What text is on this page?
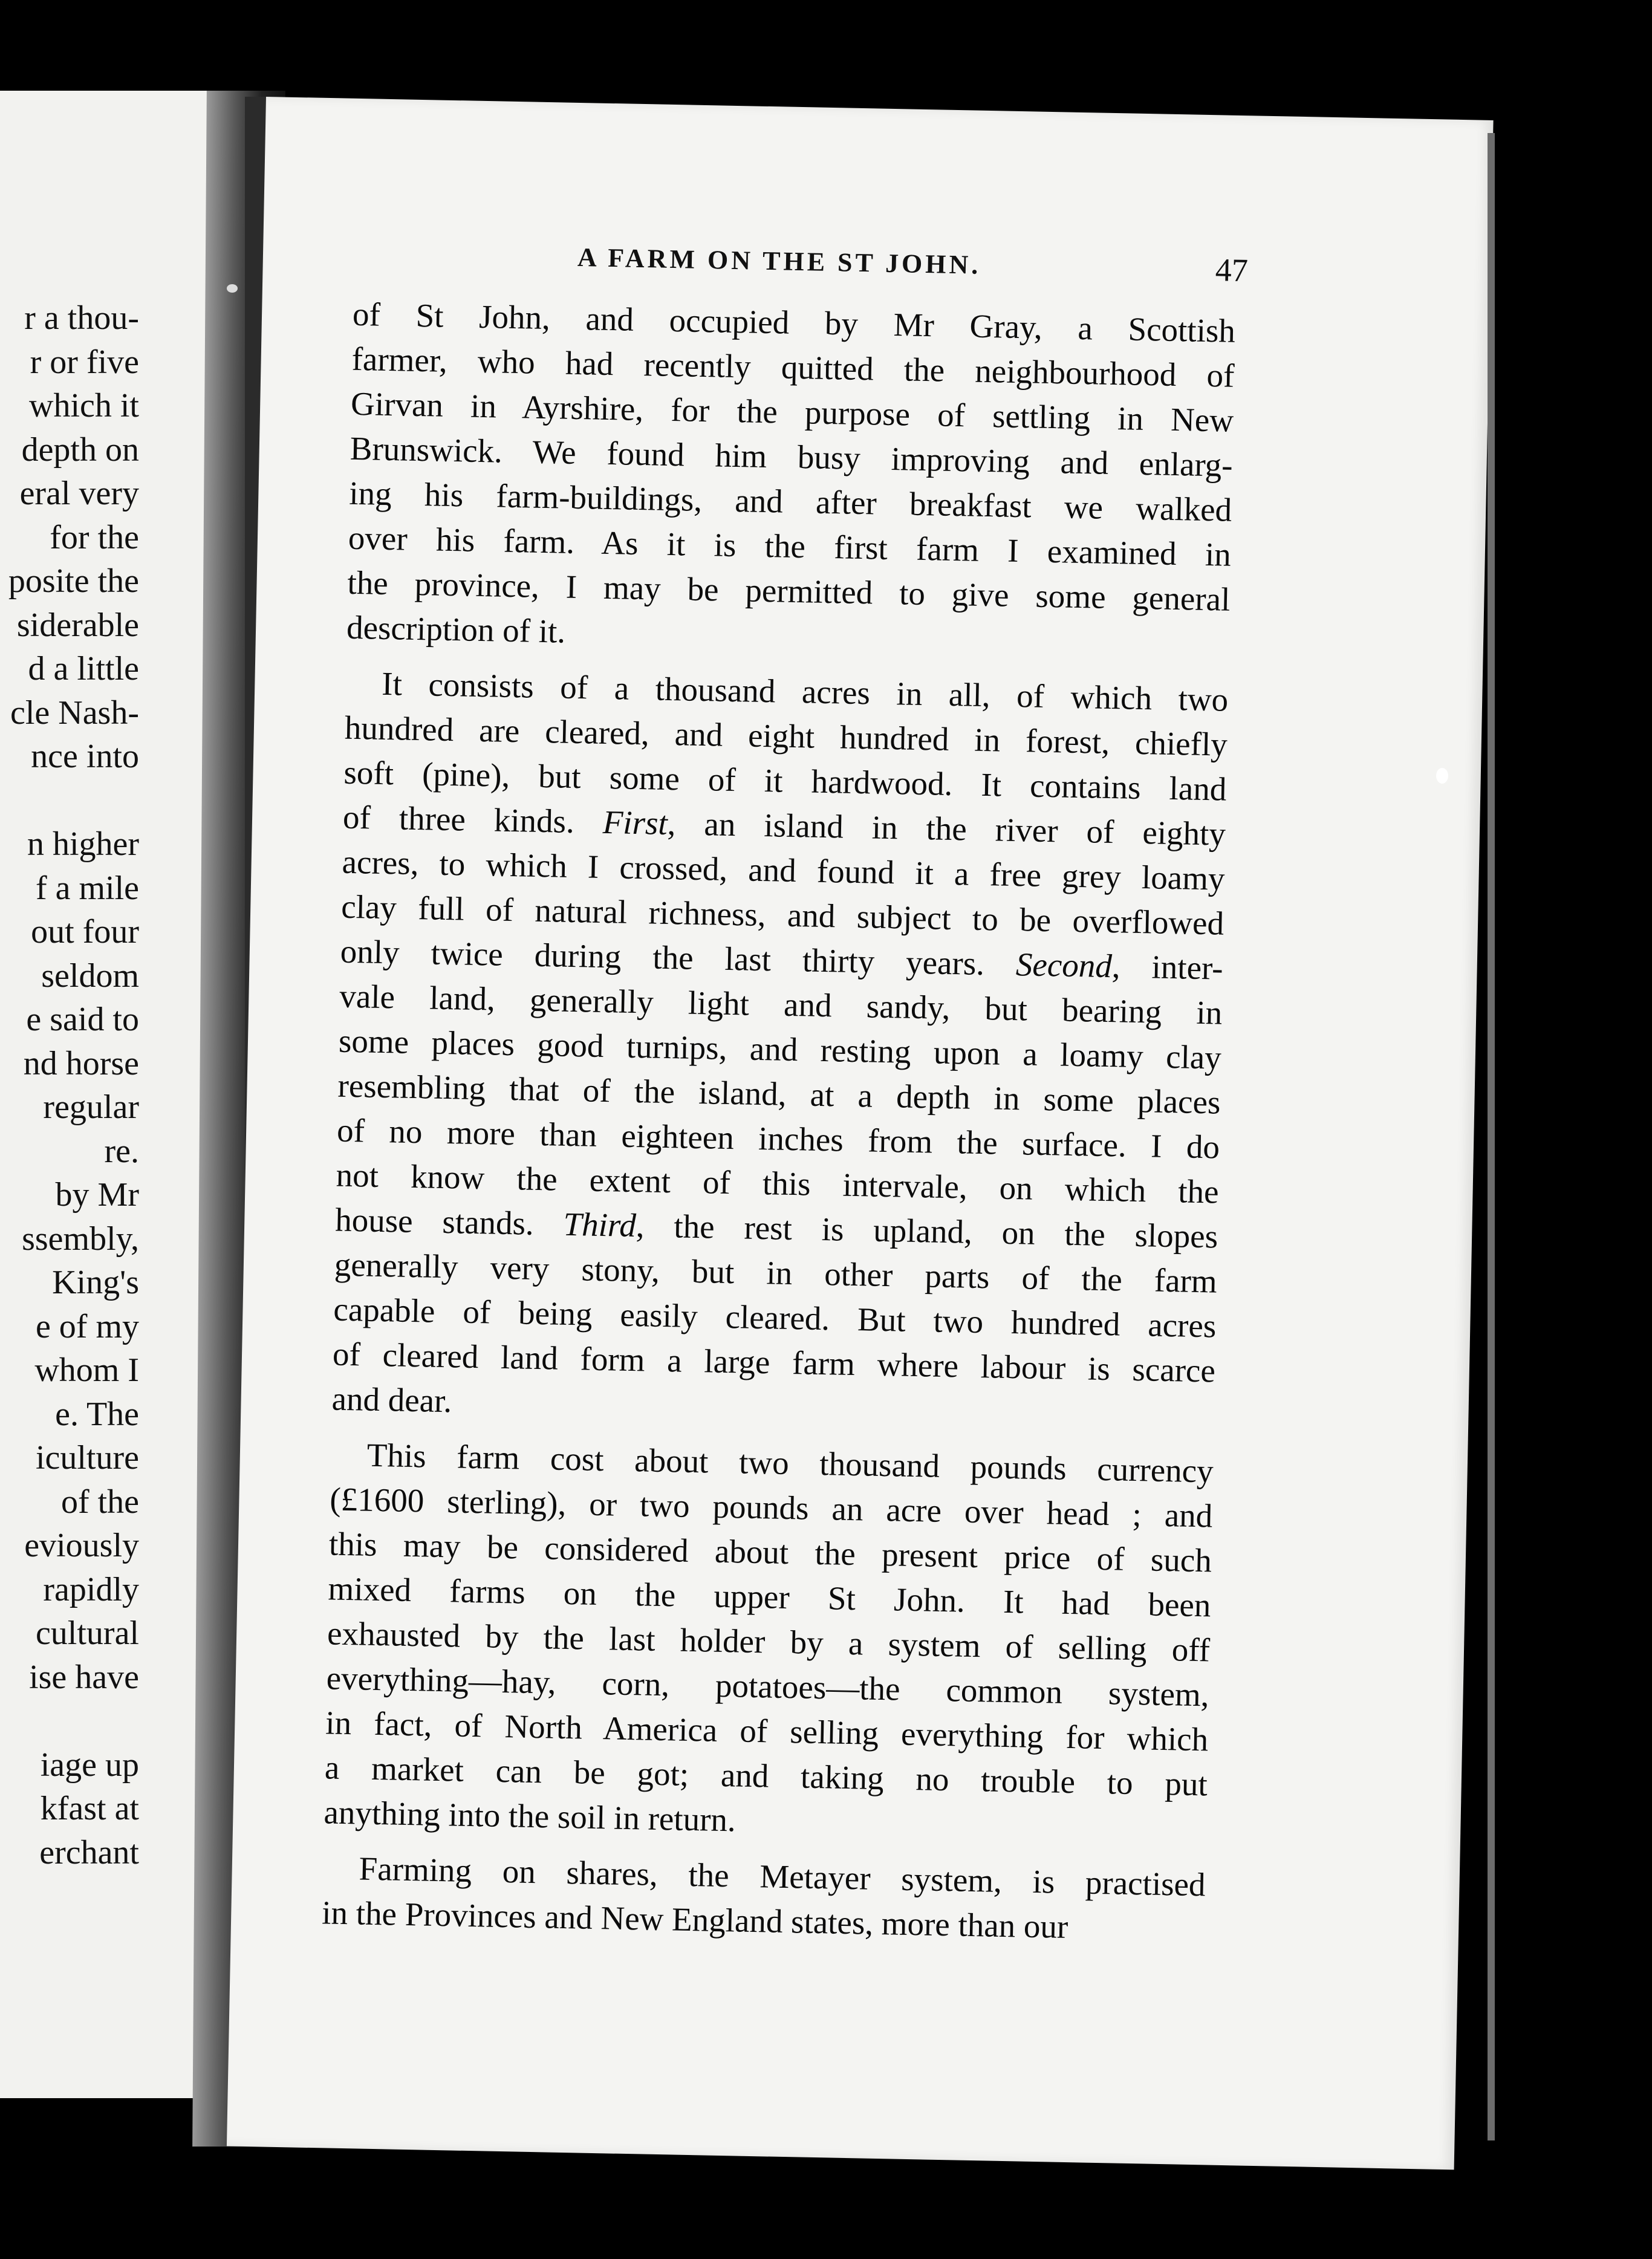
r a thou-
r or five
which it
depth on
eral very
for the
posite the
siderable
d a little
cle Nash-
nce into

n higher
f a mile
out four
seldom
e said to
nd horse
regular
re.
by Mr
ssembly,
King's
e of my
whom I
e. The
iculture
of the
eviously
rapidly
cultural
ise have

iage up
kfast at
erchant
A FARM ON THE ST JOHN.	47
of St John, and occupied by Mr Gray, a Scottish
farmer, who had recently quitted the neighbourhood of
Girvan in Ayrshire, for the purpose of settling in New
Brunswick. We found him busy improving and enlarg-
ing his farm-buildings, and after breakfast we walked
over his farm. As it is the first farm I examined in
the province, I may be permitted to give some general
description of it.
It consists of a thousand acres in all, of which two
hundred are cleared, and eight hundred in forest, chiefly
soft (pine), but some of it hardwood. It contains land
of three kinds. First, an island in the river of eighty
acres, to which I crossed, and found it a free grey loamy
clay full of natural richness, and subject to be overflowed
only twice during the last thirty years. Second, inter-
vale land, generally light and sandy, but bearing in
some places good turnips, and resting upon a loamy clay
resembling that of the island, at a depth in some places
of no more than eighteen inches from the surface. I do
not know the extent of this intervale, on which the
house stands. Third, the rest is upland, on the slopes
generally very stony, but in other parts of the farm
capable of being easily cleared. But two hundred acres
of cleared land form a large farm where labour is scarce
and dear.
This farm cost about two thousand pounds currency
(£1600 sterling), or two pounds an acre over head ; and
this may be considered about the present price of such
mixed farms on the upper St John. It had been
exhausted by the last holder by a system of selling off
everything—hay, corn, potatoes—the common system,
in fact, of North America of selling everything for which
a market can be got; and taking no trouble to put
anything into the soil in return.
Farming on shares, the Metayer system, is practised
in the Provinces and New England states, more than our
